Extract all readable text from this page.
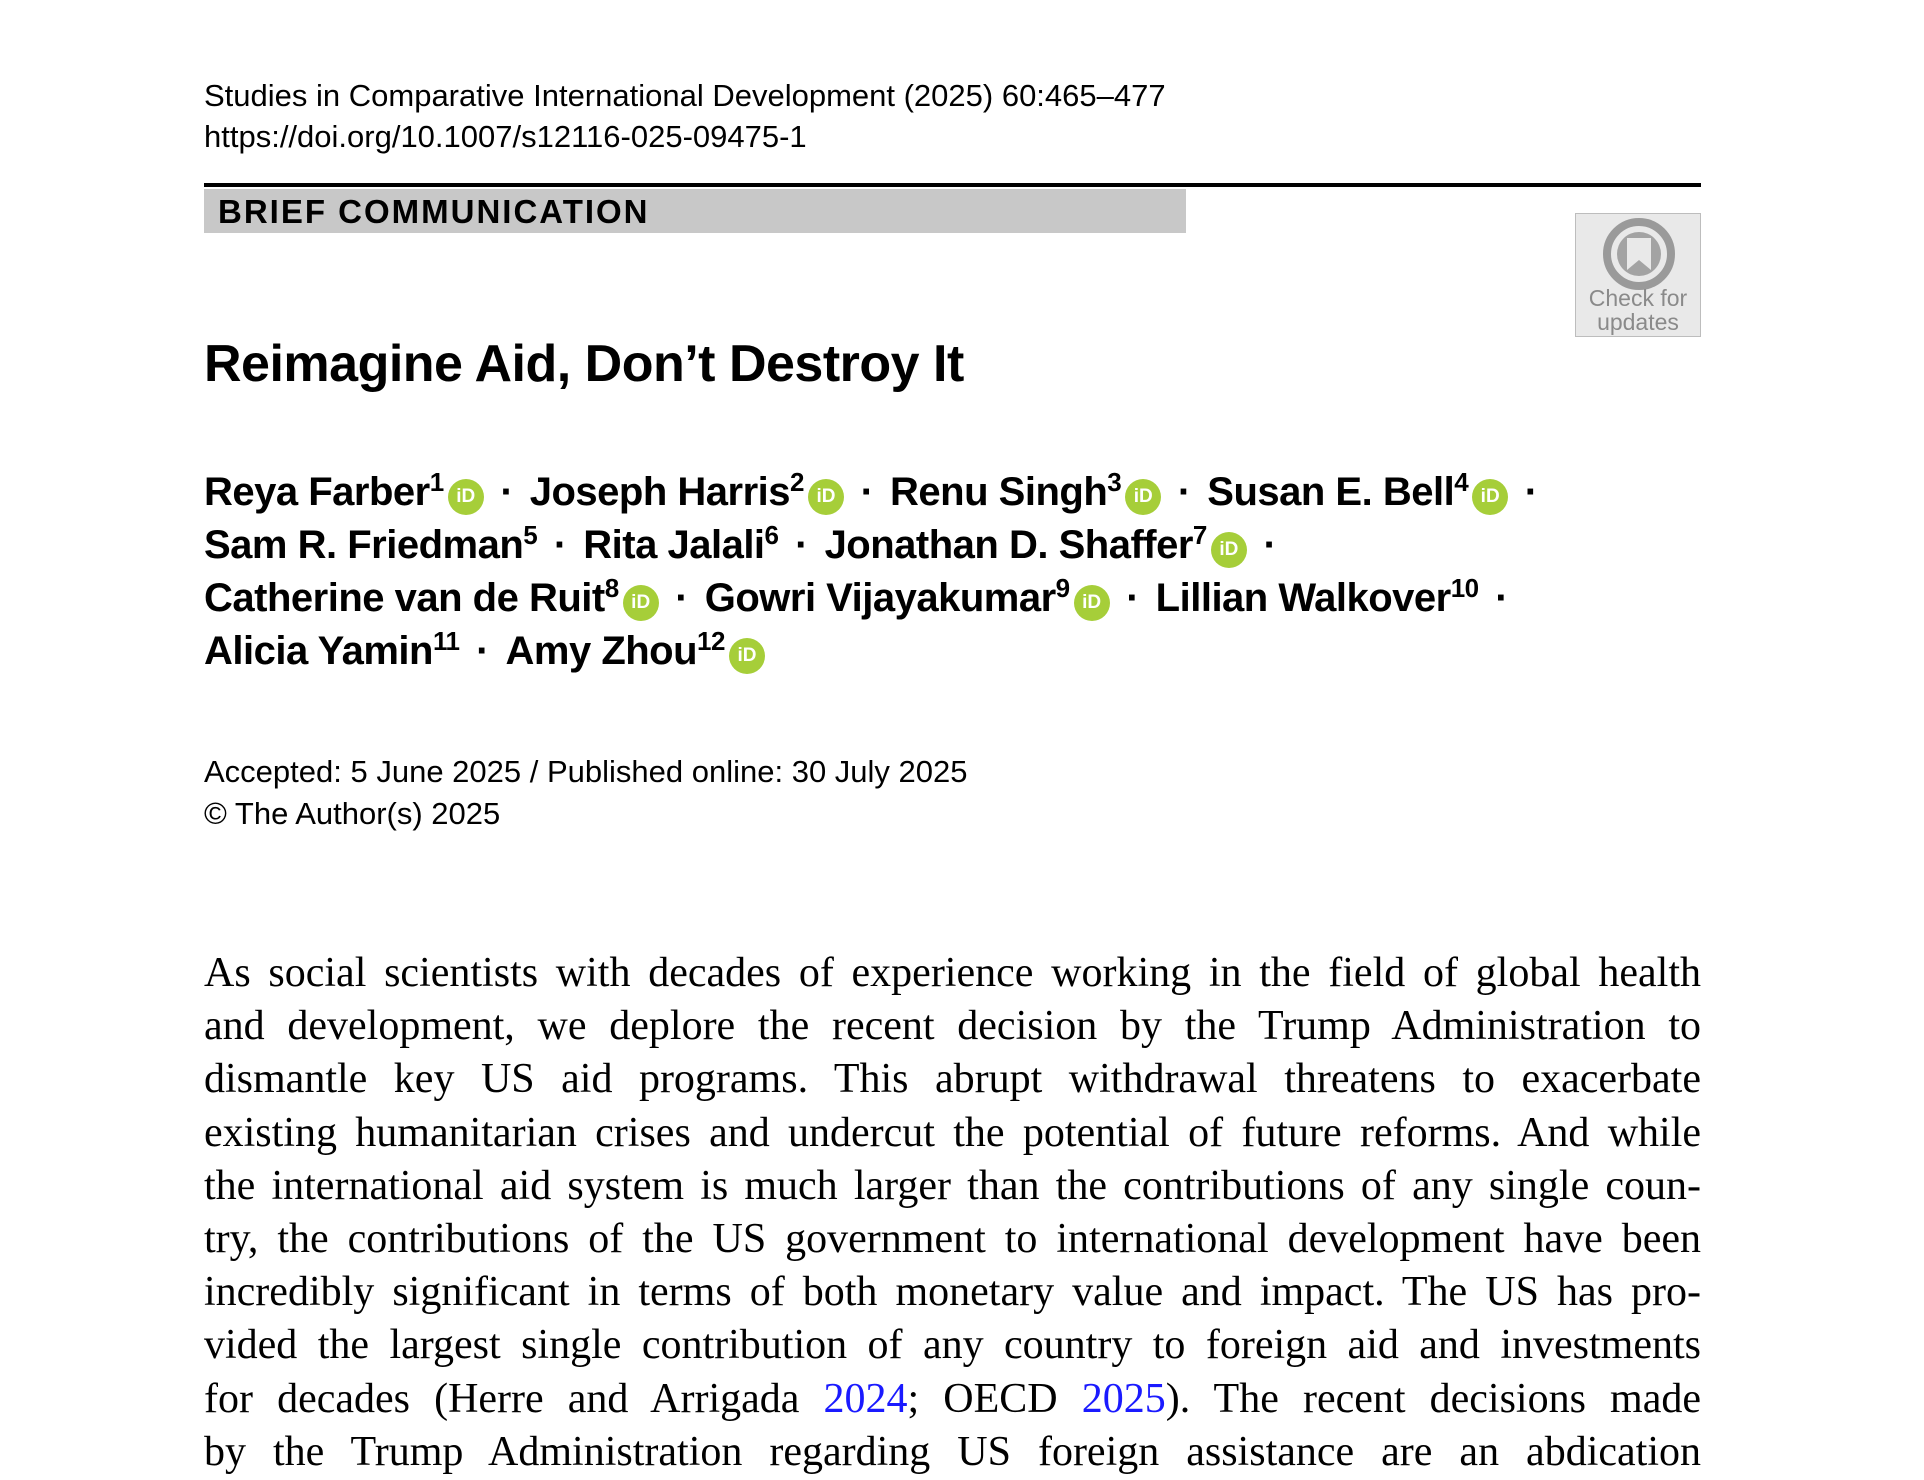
Studies in Comparative International Development (2025) 60:465–477
https://doi.org/10.1007/s12116-025-09475-1
BRIEF COMMUNICATION
Check for
updates
Reimagine Aid, Don’t Destroy It
Reya Farber$^1$ iD · Joseph Harris$^2$ iD · Renu Singh$^3$ iD · Susan E. Bell$^4$ iD ·
Sam R. Friedman$^5$ · Rita Jalali$^6$ · Jonathan D. Shaffer$^7$ iD ·
Catherine van de Ruit$^8$ iD · Gowri Vijayakumar$^9$ iD · Lillian Walkover$^{10}$ ·
Alicia Yamin$^{11}$ · Amy Zhou$^{12}$ iD
Accepted: 5 June 2025 / Published online: 30 July 2025
© The Author(s) 2025
As social scientists with decades of experience working in the field of global health
and development, we deplore the recent decision by the Trump Administration to
dismantle key US aid programs. This abrupt withdrawal threatens to exacerbate
existing humanitarian crises and undercut the potential of future reforms. And while
the international aid system is much larger than the contributions of any single coun-
try, the contributions of the US government to international development have been
incredibly significant in terms of both monetary value and impact. The US has pro-
vided the largest single contribution of any country to foreign aid and investments
for decades (Herre and Arrigada 2024; OECD 2025). The recent decisions made
by the Trump Administration regarding US foreign assistance are an abdication
